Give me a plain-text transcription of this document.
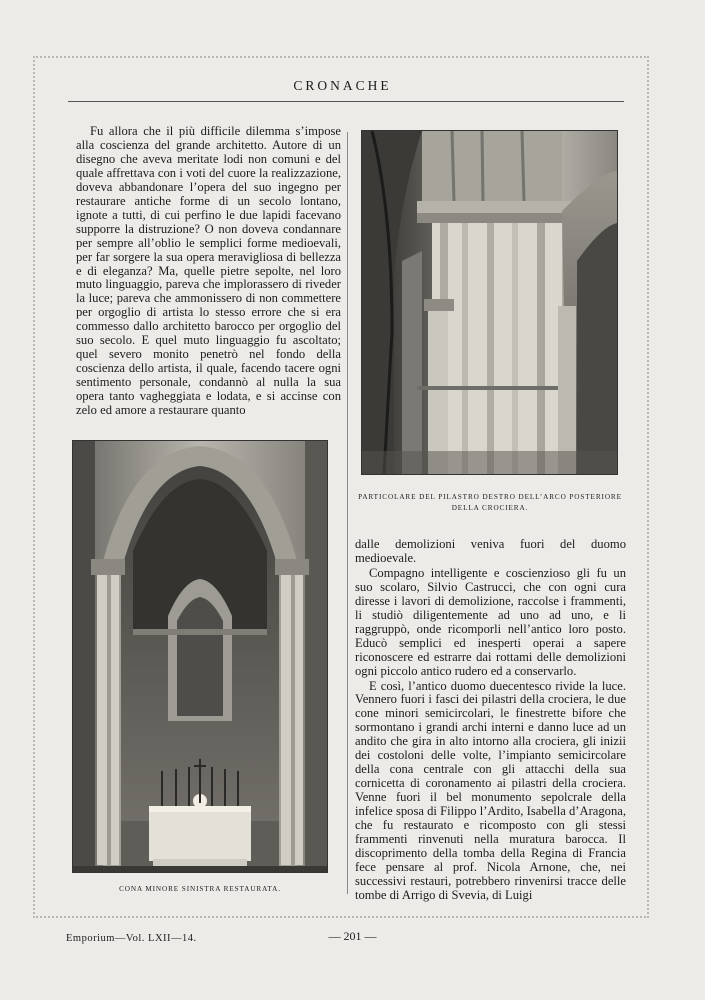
CRONACHE

Fu allora che il più difficile dilemma s’impose alla coscienza del grande architetto. Autore di un disegno che aveva meritate lodi non comuni e del quale affrettava con i voti del cuore la realizzazione, doveva abbandonare l’opera del suo ingegno per restaurare antiche forme di un secolo lontano, ignote a tutti, di cui perfino le due lapidi facevano supporre la distruzione? O non doveva condannare per sempre all’oblio le semplici forme medioevali, per far sorgere la sua opera meravigliosa di bellezza e di eleganza? Ma, quelle pietre sepolte, nel loro muto linguaggio, pareva che implorassero di riveder la luce; pareva che ammonissero di non commettere per orgoglio di artista lo stesso errore che si era commesso dallo architetto barocco per orgoglio del suo secolo. E quel muto linguaggio fu ascoltato; quel severo monito penetrò nel fondo della coscienza dello artista, il quale, facendo tacere ogni sentimento personale, condannò al nulla la sua opera tanto vagheggiata e lodata, e si accinse con zelo ed amore a restaurare quanto

PARTICOLARE DEL PILASTRO DESTRO DELL’ARCO POSTERIORE
DELLA CROCIERA.
CONA MINORE SINISTRA RESTAURATA.

dalle demolizioni veniva fuori del duomo medioevale.

Compagno intelligente e coscienzioso gli fu un suo scolaro, Silvio Castrucci, che con ogni cura diresse i lavori di demolizione, raccolse i frammenti, li studiò diligentemente ad uno ad uno, e li raggruppò, onde ricomporli nell’antico loro posto. Educò semplici ed inesperti operai a sapere riconoscere ed estrarre dai rottami delle demolizioni ogni piccolo antico rudero ed a conservarlo.

E così, l’antico duomo duecentesco rivide la luce. Vennero fuori i fasci dei pilastri della crociera, le due cone minori semicircolari, le finestrette bifore che sormontano i grandi archi interni e danno luce ad un andito che gira in alto intorno alla crociera, gli inizii dei costoloni delle volte, l’impianto semicircolare della cona centrale con gli attacchi della sua cornicetta di coronamento ai pilastri della crociera. Venne fuori il bel monumento sepolcrale della infelice sposa di Filippo l’Ardito, Isabella d’Aragona, che fu restaurato e ricomposto con gli stessi frammenti rinvenuti nella muratura barocca. Il discoprimento della tomba della Regina di Francia fece pensare al prof. Nicola Arnone, che, nei successivi restauri, potrebbero rinvenirsi tracce delle tombe di Arrigo di Svevia, di Luigi

Emporium—Vol. LXII—14.	— 201 —
